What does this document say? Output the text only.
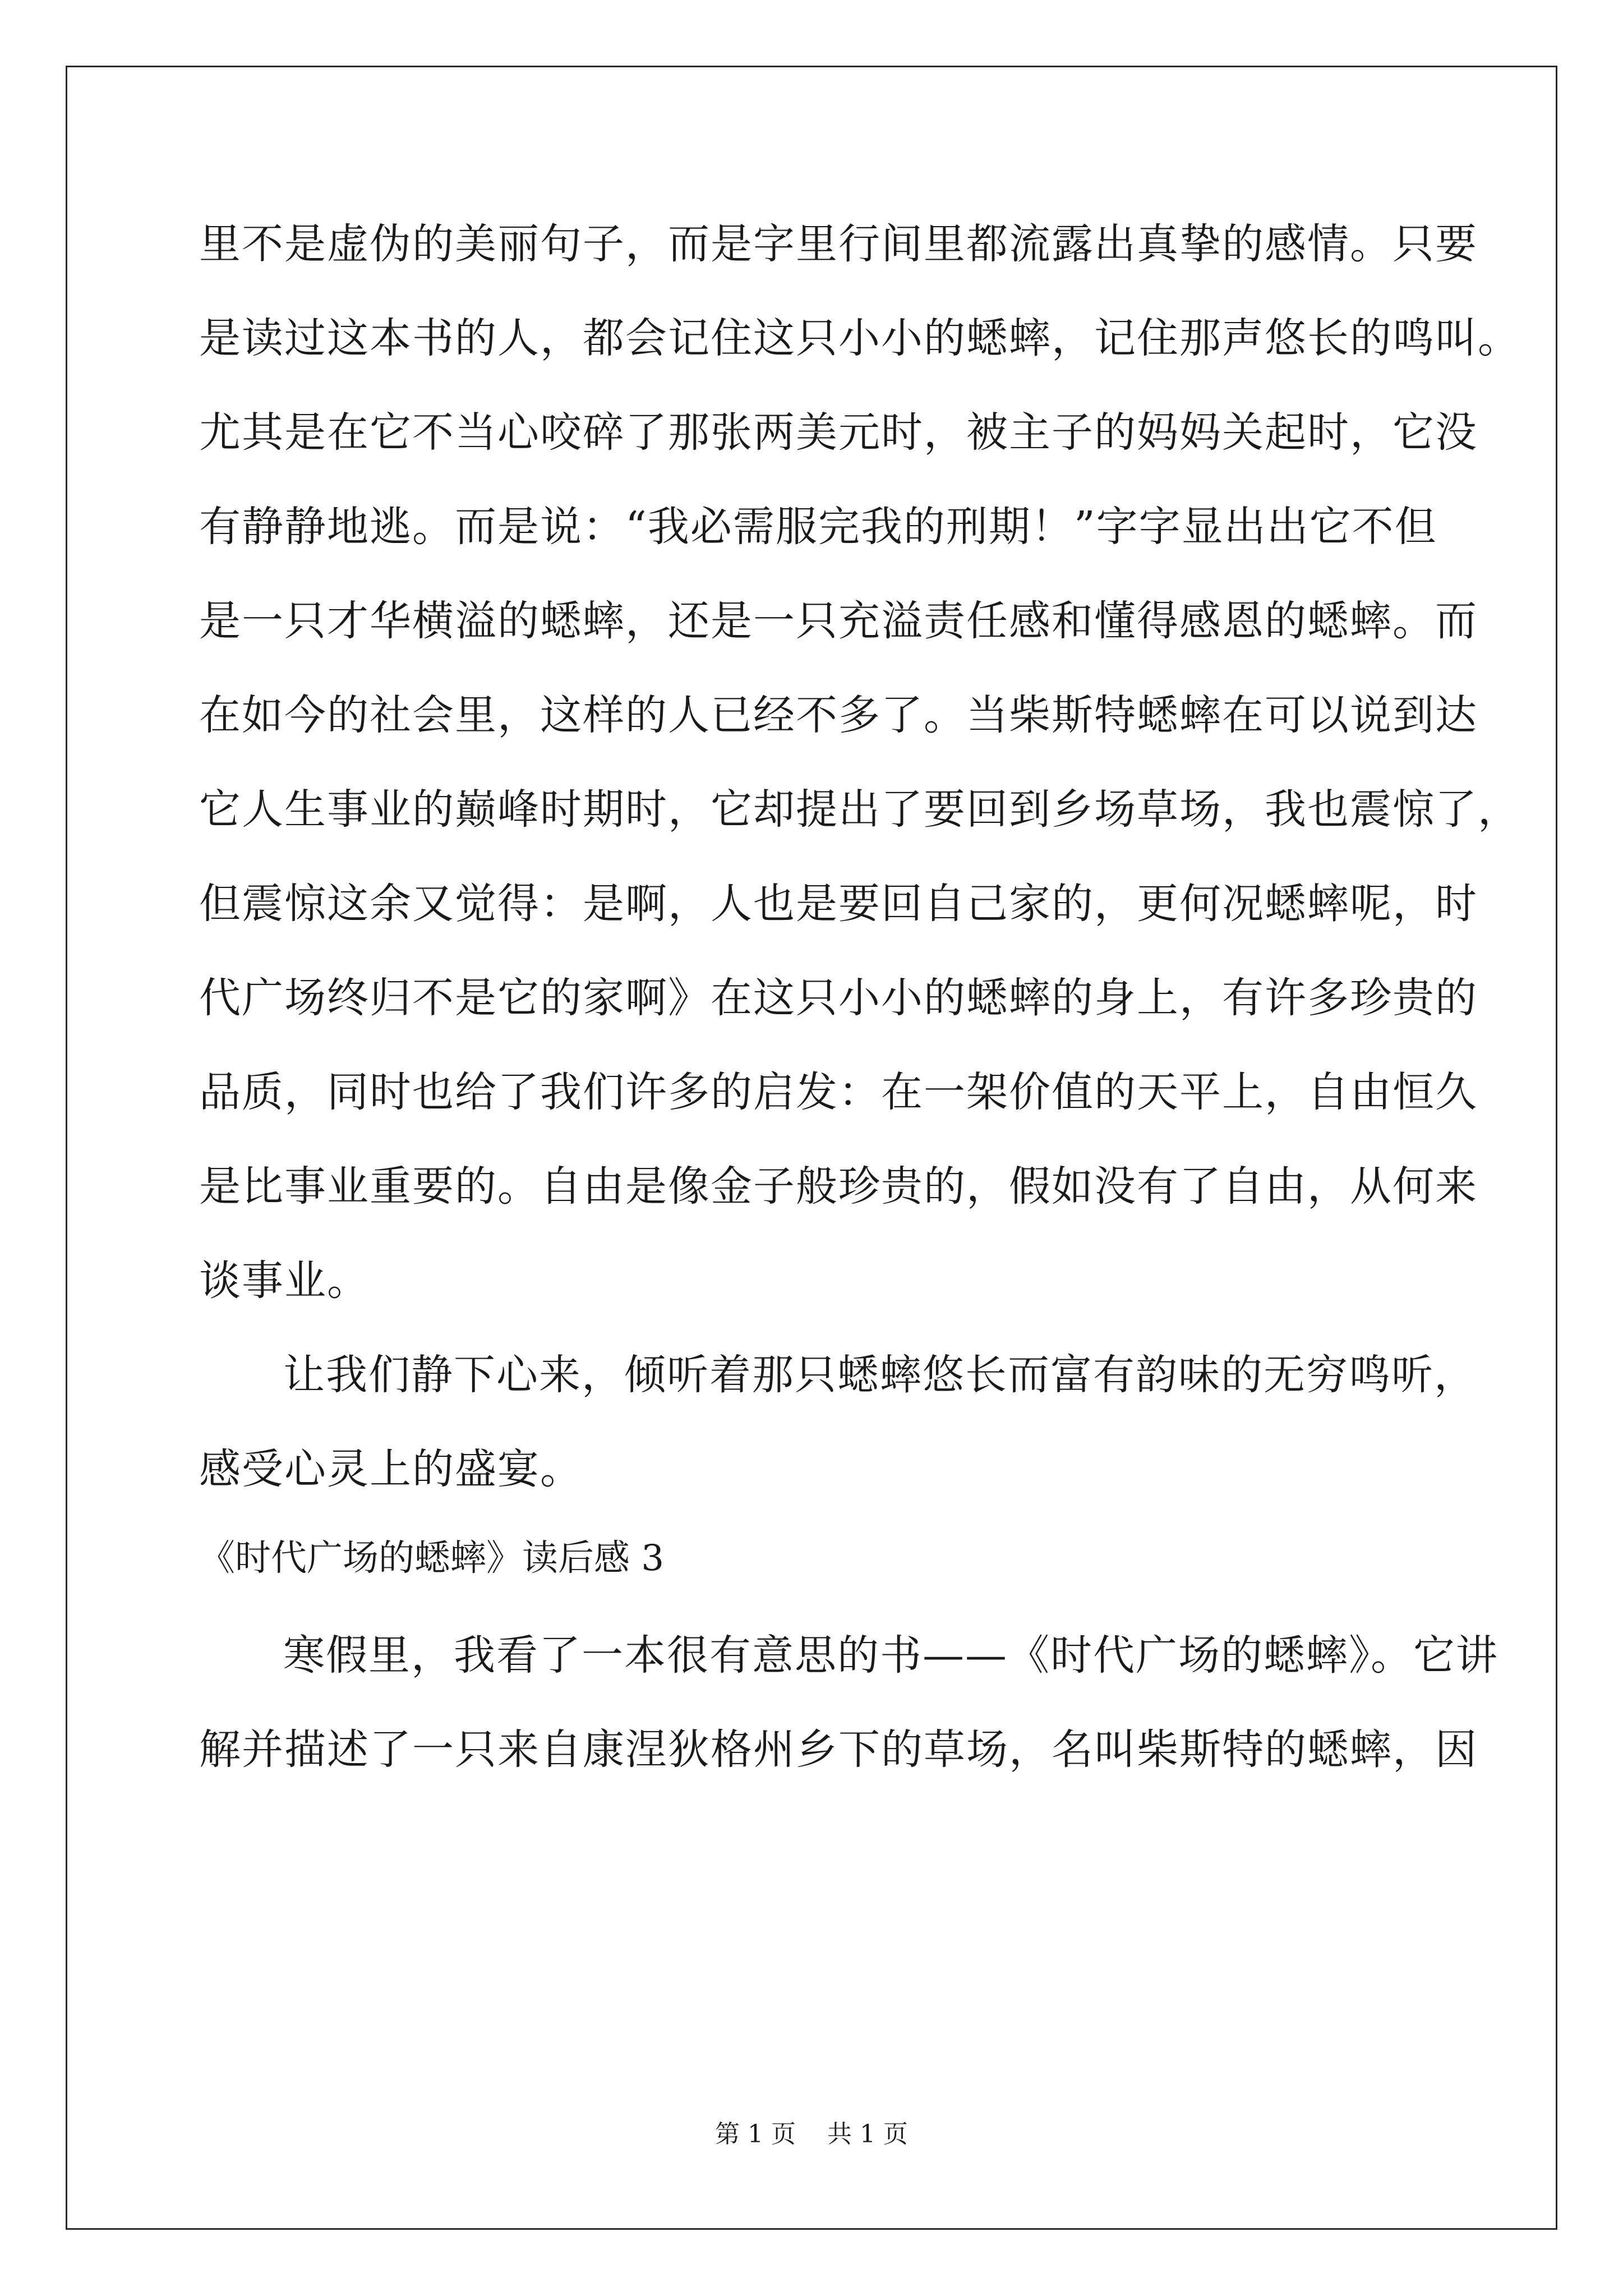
里不是虚伪的美丽句子，而是字里行间里都流露出真挚的感情。只要
是读过这本书的人，都会记住这只小小的蟋蟀，记住那声悠长的鸣叫。
尤其是在它不当心咬碎了那张两美元时，被主子的妈妈关起时，它没
有静静地逃。而是说：“我必需服完我的刑期！”字字显出出它不但
是一只才华横溢的蟋蟀，还是一只充溢责任感和懂得感恩的蟋蟀。而
在如今的社会里，这样的人已经不多了。当柴斯特蟋蟀在可以说到达
它人生事业的巅峰时期时，它却提出了要回到乡场草场，我也震惊了，
但震惊这余又觉得：是啊，人也是要回自己家的，更何况蟋蟀呢，时
代广场终归不是它的家啊》在这只小小的蟋蟀的身上，有许多珍贵的
品质，同时也给了我们许多的启发：在一架价值的天平上，自由恒久
是比事业重要的。自由是像金子般珍贵的，假如没有了自由，从何来
谈事业。
让我们静下心来，倾听着那只蟋蟀悠长而富有韵味的无穷鸣听，
感受心灵上的盛宴。
《时代广场的蟋蟀》读后感 3
寒假里，我看了一本很有意思的书——《时代广场的蟋蟀》。它讲
解并描述了一只来自康涅狄格州乡下的草场，名叫柴斯特的蟋蟀，因
第 1 页    共 1 页
